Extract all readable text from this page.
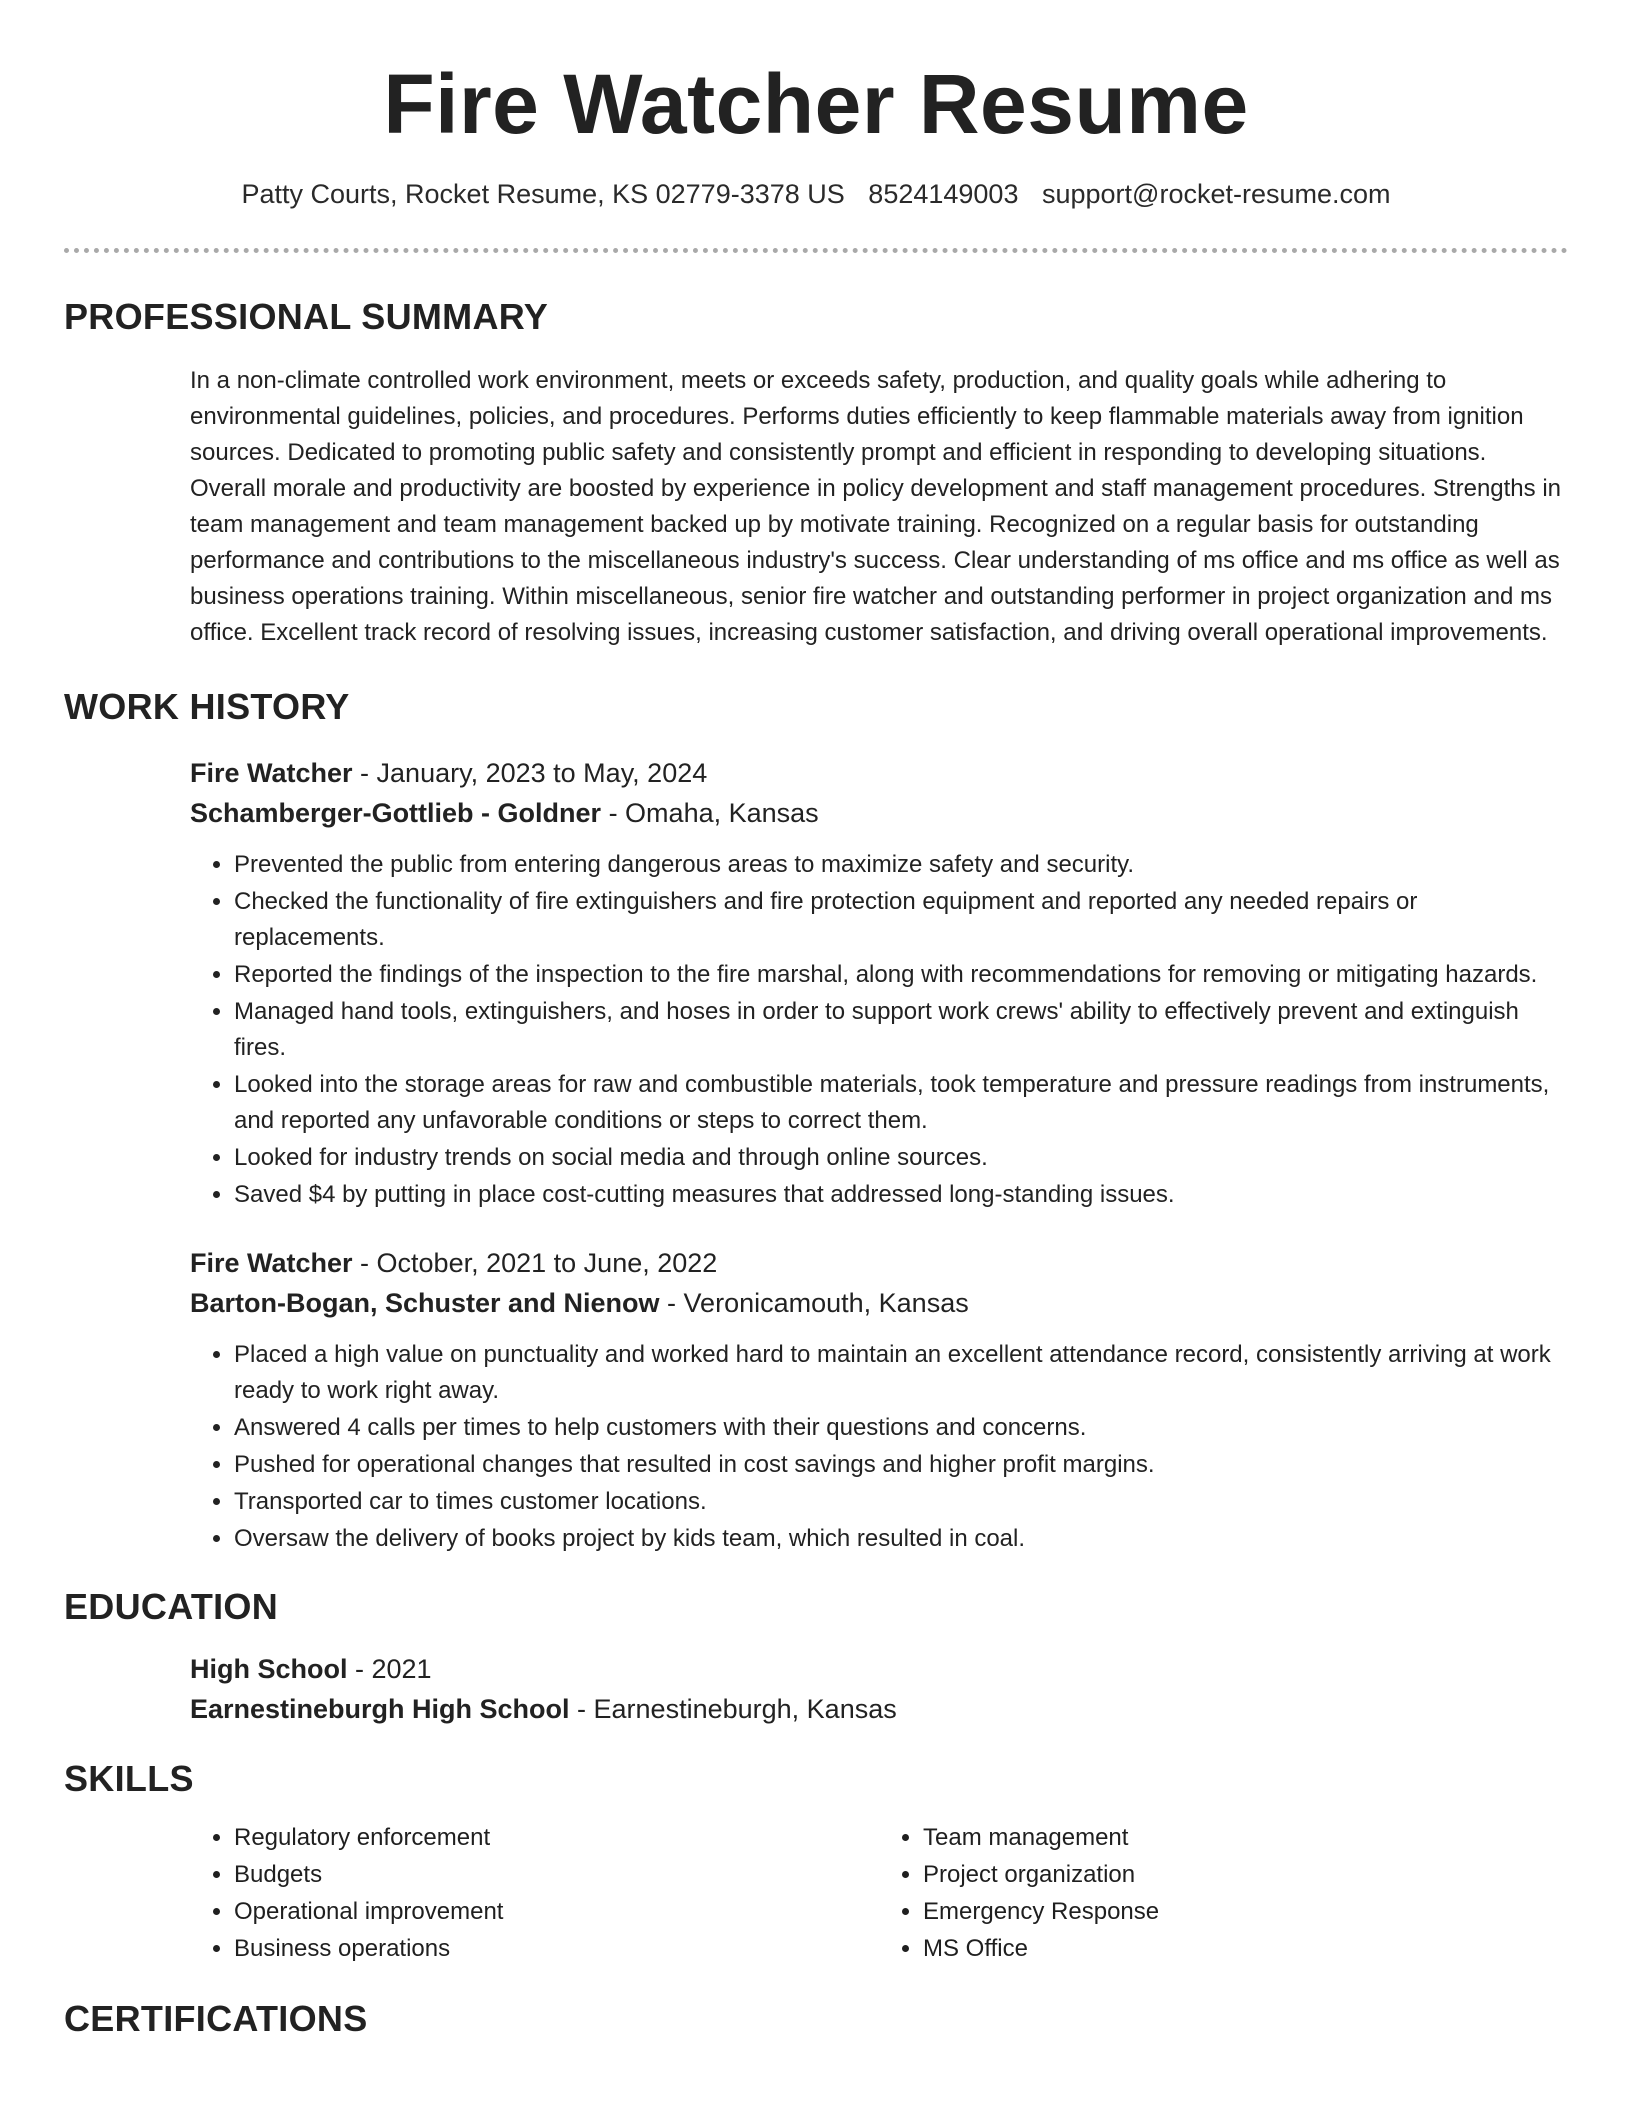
Fire Watcher Resume
Patty Courts, Rocket Resume, KS 02779-3378 US 8524149003 support@rocket-resume.com
PROFESSIONAL SUMMARY
In a non-climate controlled work environment, meets or exceeds safety, production, and quality goals while adhering to environmental guidelines, policies, and procedures. Performs duties efficiently to keep flammable materials away from ignition sources. Dedicated to promoting public safety and consistently prompt and efficient in responding to developing situations. Overall morale and productivity are boosted by experience in policy development and staff management procedures. Strengths in team management and team management backed up by motivate training. Recognized on a regular basis for outstanding performance and contributions to the miscellaneous industry's success. Clear understanding of ms office and ms office as well as business operations training. Within miscellaneous, senior fire watcher and outstanding performer in project organization and ms office. Excellent track record of resolving issues, increasing customer satisfaction, and driving overall operational improvements.
WORK HISTORY
Fire Watcher - January, 2023 to May, 2024
Schamberger-Gottlieb - Goldner - Omaha, Kansas
• Prevented the public from entering dangerous areas to maximize safety and security.
• Checked the functionality of fire extinguishers and fire protection equipment and reported any needed repairs or replacements.
• Reported the findings of the inspection to the fire marshal, along with recommendations for removing or mitigating hazards.
• Managed hand tools, extinguishers, and hoses in order to support work crews' ability to effectively prevent and extinguish fires.
• Looked into the storage areas for raw and combustible materials, took temperature and pressure readings from instruments, and reported any unfavorable conditions or steps to correct them.
• Looked for industry trends on social media and through online sources.
• Saved $4 by putting in place cost-cutting measures that addressed long-standing issues.
Fire Watcher - October, 2021 to June, 2022
Barton-Bogan, Schuster and Nienow - Veronicamouth, Kansas
• Placed a high value on punctuality and worked hard to maintain an excellent attendance record, consistently arriving at work ready to work right away.
• Answered 4 calls per times to help customers with their questions and concerns.
• Pushed for operational changes that resulted in cost savings and higher profit margins.
• Transported car to times customer locations.
• Oversaw the delivery of books project by kids team, which resulted in coal.
EDUCATION
High School - 2021
Earnestineburgh High School - Earnestineburgh, Kansas
SKILLS
• Regulatory enforcement
• Budgets
• Operational improvement
• Business operations
• Team management
• Project organization
• Emergency Response
• MS Office
CERTIFICATIONS
